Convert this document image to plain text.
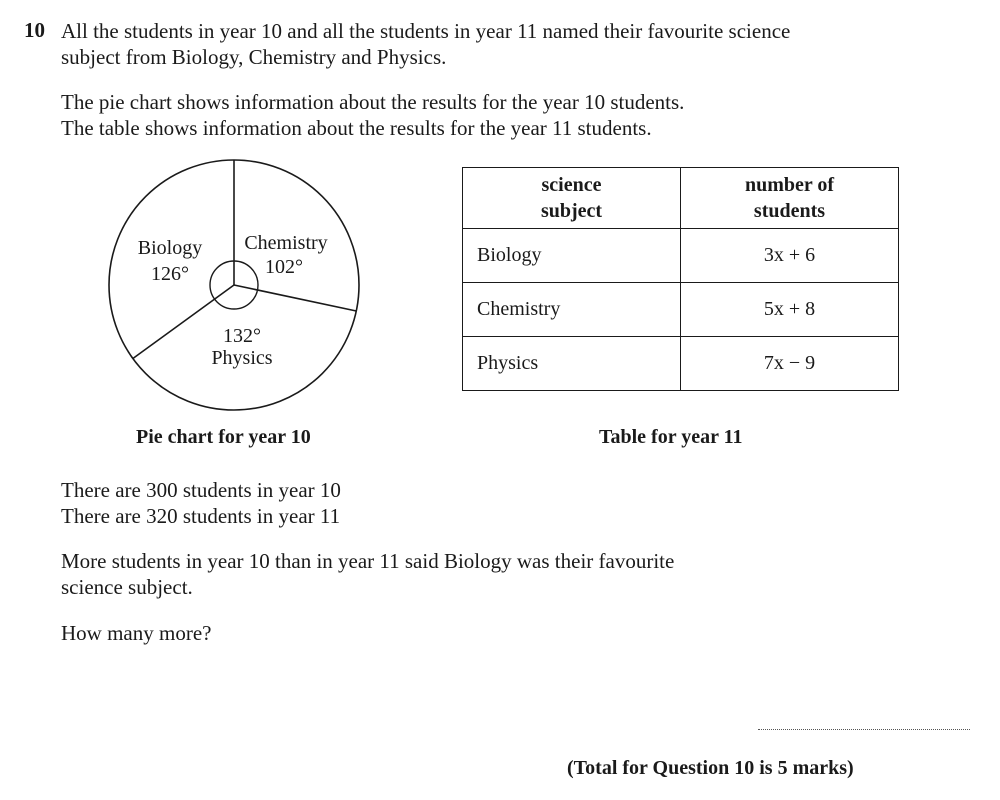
10 All the students in year 10 and all the students in year 11 named their favourite science
subject from Biology, Chemistry and Physics.
The pie chart shows information about the results for the year 10 students.
The table shows information about the results for the year 11 students.
Biology
126°
Chemistry
102°
132°
Physics
science
subject	number of
students
Biology	3x + 6
Chemistry	5x + 8
Physics	7x − 9
Pie chart for year 10	Table for year 11
There are 300 students in year 10
There are 320 students in year 11
More students in year 10 than in year 11 said Biology was their favourite
science subject.
How many more?
(Total for Question 10 is 5 marks)
